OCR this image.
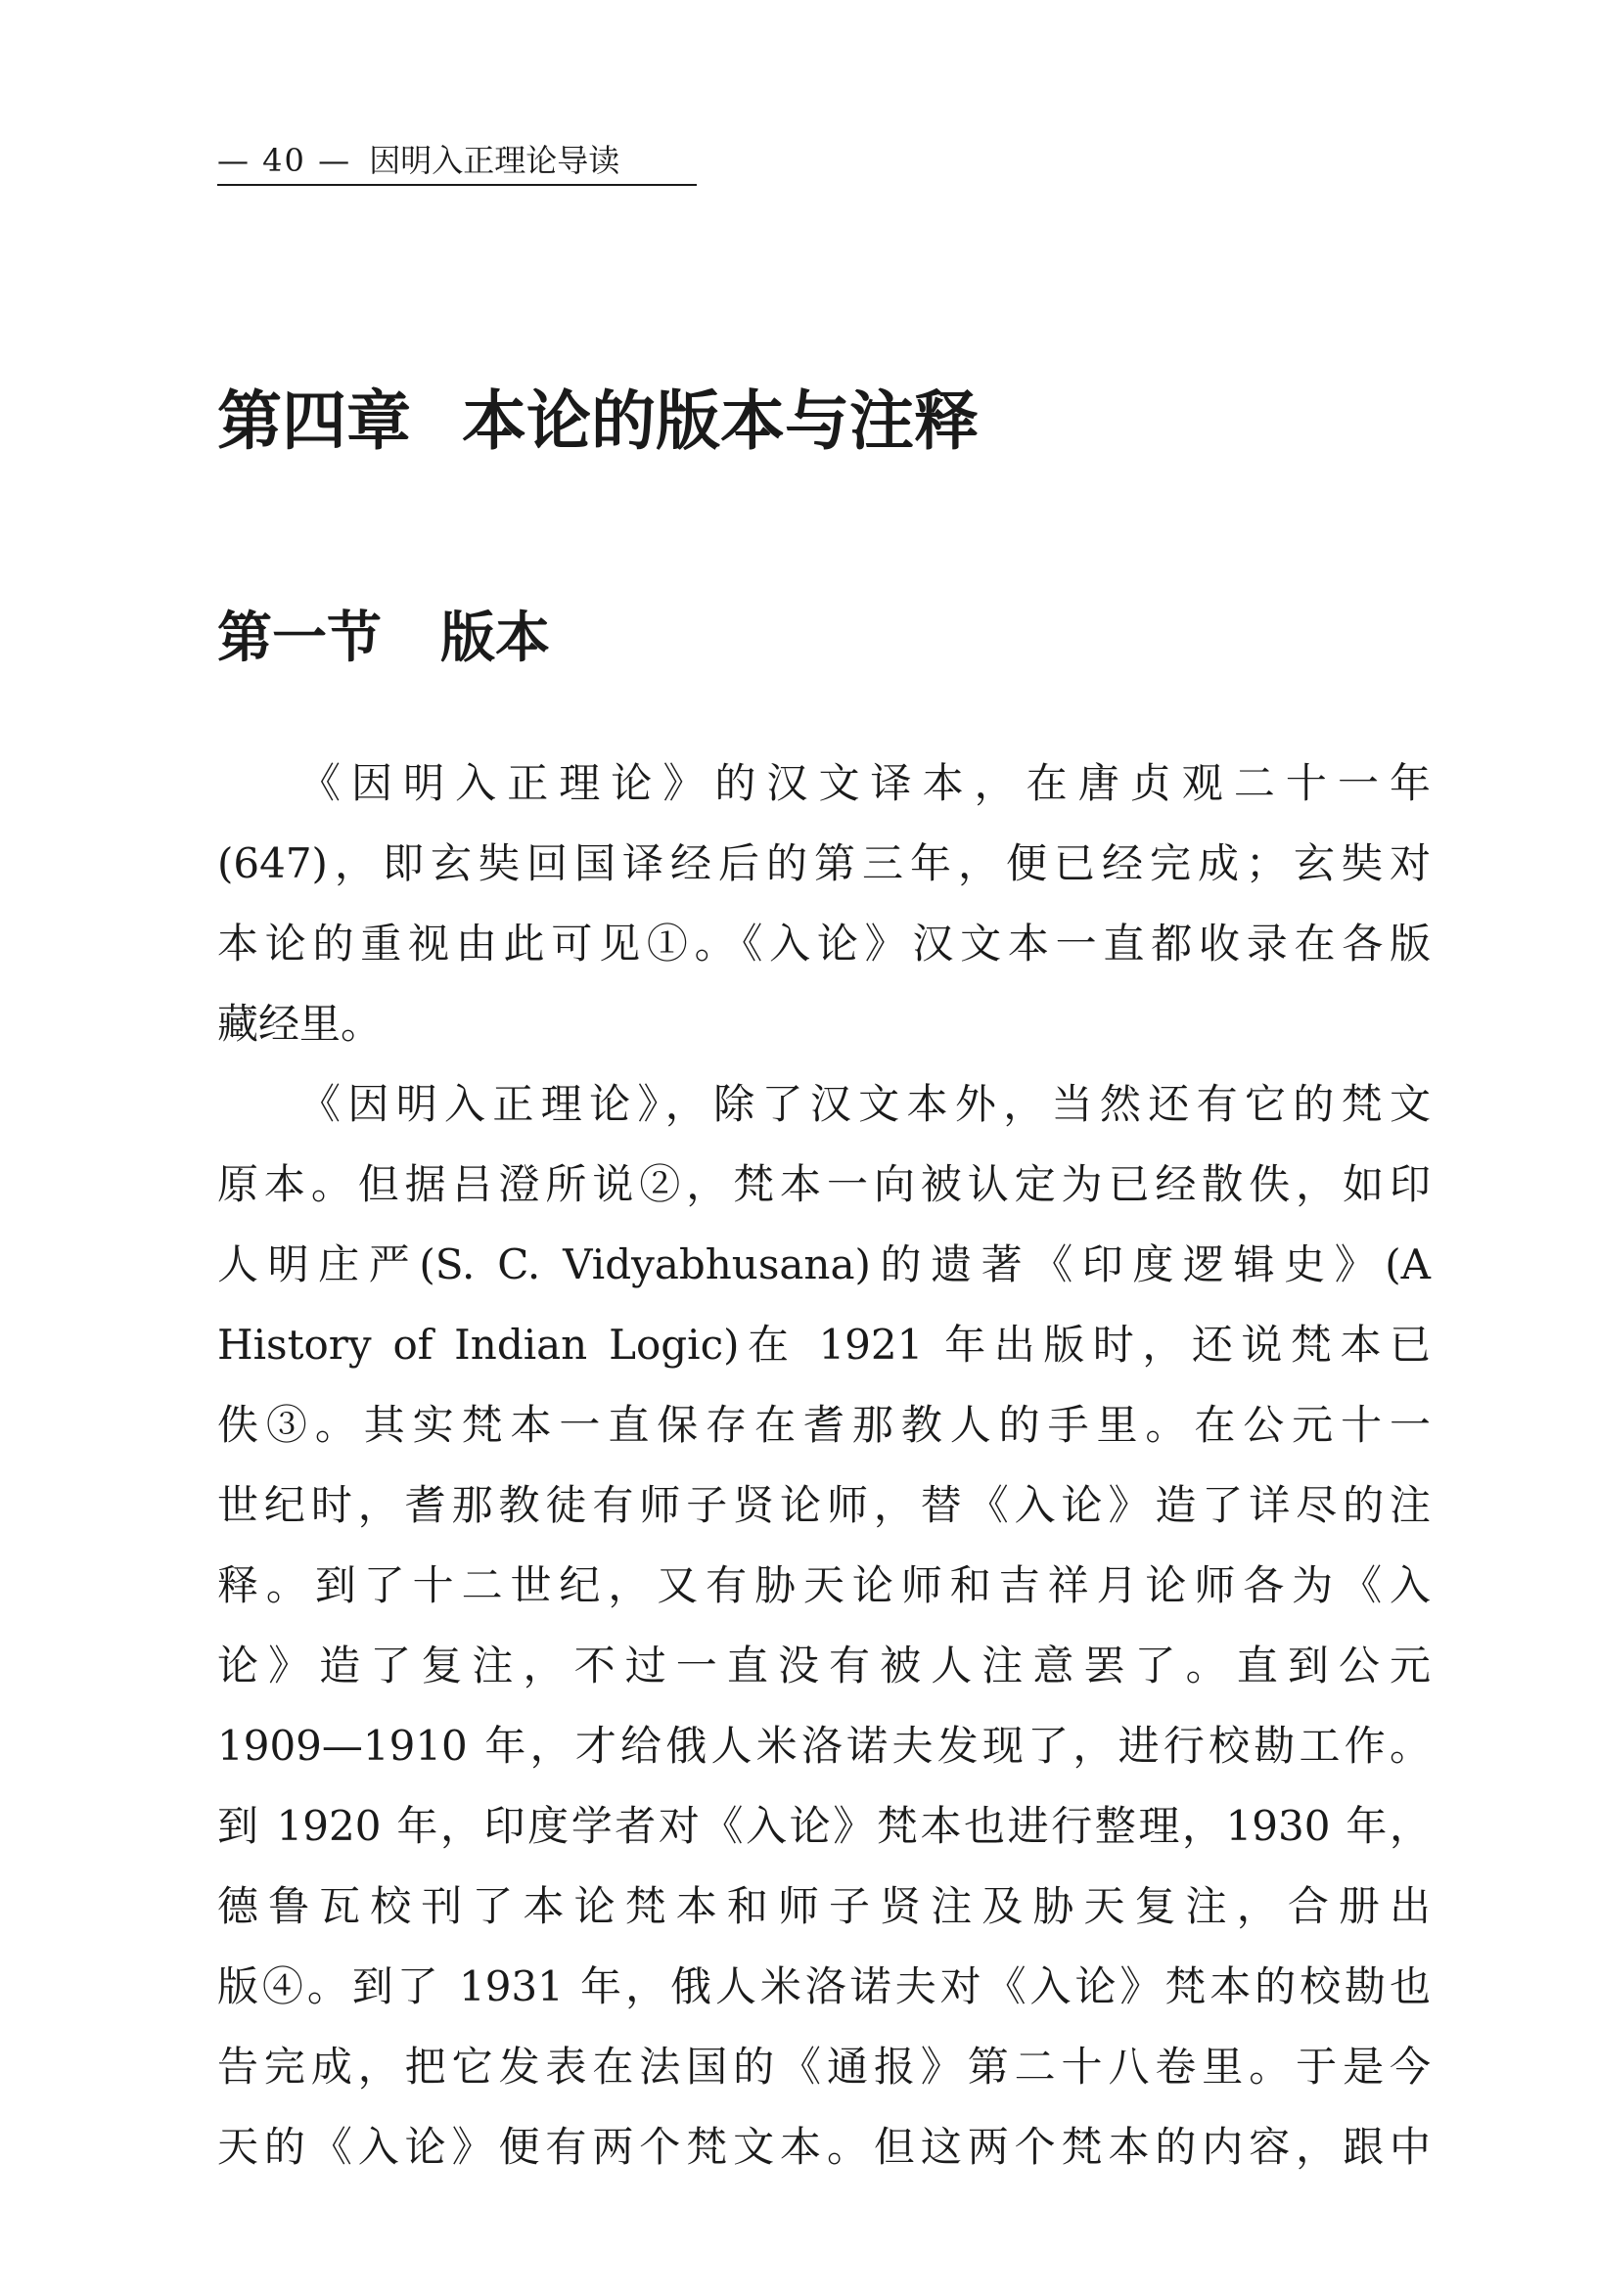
— 40 — 因明入正理论导读
第四章 本论的版本与注释
第一节 版本
《因明入正理论》的汉文译本，在唐贞观二十一年
(647)，即玄奘回国译经后的第三年，便已经完成；玄奘对
本论的重视由此可见①。《入论》汉文本一直都收录在各版
藏经里。
《因明入正理论》，除了汉文本外，当然还有它的梵文
原本。但据吕澄所说②，梵本一向被认定为已经散佚，如印
人明庄严(S. C. Vidyabhusana)的遗著《印度逻辑史》(A
History of Indian Logic)在 1921 年出版时，还说梵本已
佚③。其实梵本一直保存在耆那教人的手里。在公元十一
世纪时，耆那教徒有师子贤论师，替《入论》造了详尽的注
释。到了十二世纪，又有胁天论师和吉祥月论师各为《入
论》造了复注，不过一直没有被人注意罢了。直到公元
1909—1910 年，才给俄人米洛诺夫发现了，进行校勘工作。
到 1920 年，印度学者对《入论》梵本也进行整理，1930 年，
德鲁瓦校刊了本论梵本和师子贤注及胁天复注，合册出
版④。到了 1931 年，俄人米洛诺夫对《入论》梵本的校勘也
告完成，把它发表在法国的《通报》第二十八卷里。于是今
天的《入论》便有两个梵文本。但这两个梵本的内容，跟中
